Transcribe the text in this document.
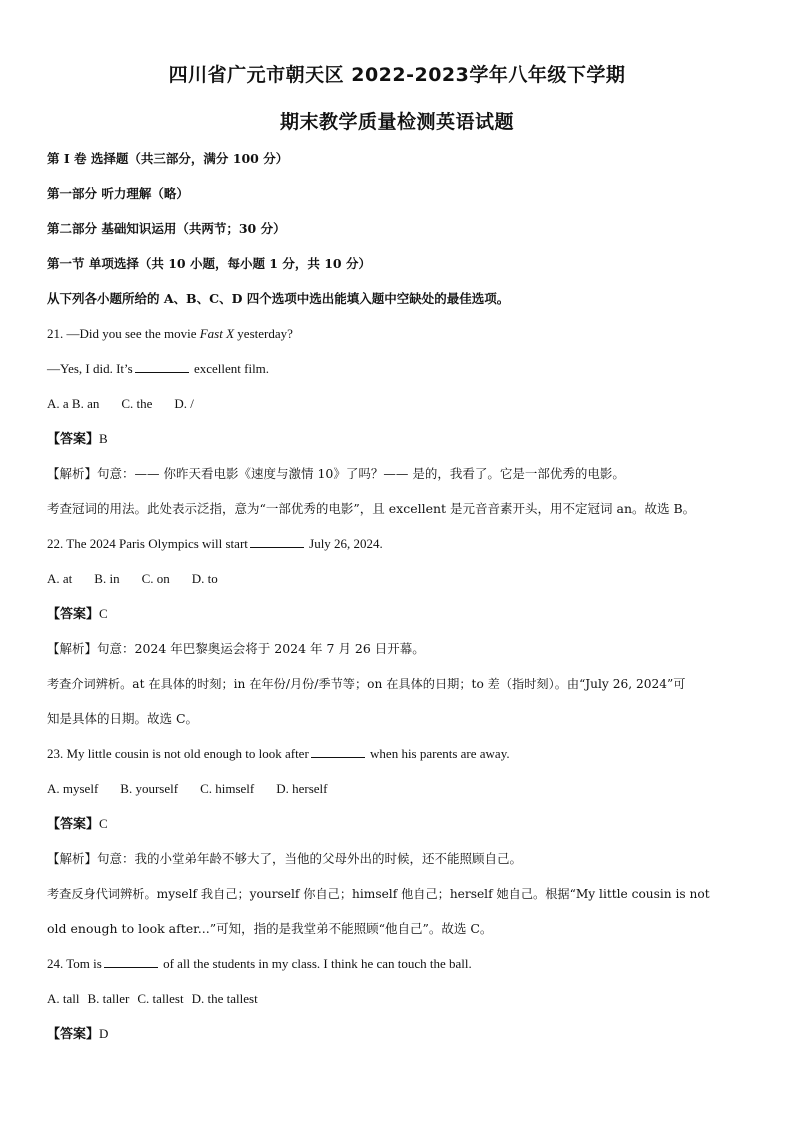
四川省广元市朝天区 2022-2023学年八年级下学期
期末教学质量检测英语试题
第 I 卷 选择题（共三部分，满分 100 分）
第一部分 听力理解（略）
第二部分 基础知识运用（共两节；30 分）
第一节 单项选择（共 10 小题，每小题 1 分，共 10 分）
从下列各小题所给的 A、B、C、D 四个选项中选出能填入题中空缺处的最佳选项。
21. —Did you see the movie Fast X yesterday?
—Yes, I did. It’s	excellent film.
A. a B. an C. the D. /
【答案】B
【解析】句意：—— 你昨天看电影《速度与激情 10》了吗？—— 是的，我看了。它是一部优秀的电影。
考查冠词的用法。此处表示泛指，意为“一部优秀的电影”，且 excellent 是元音音素开头，用不定冠词 an。故选 B。
22. The 2024 Paris Olympics will start	July 26, 2024.
A. at B. in C. on D. to
【答案】C
【解析】句意：2024 年巴黎奥运会将于 2024 年 7 月 26 日开幕。
考查介词辨析。at 在具体的时刻；in 在年份/月份/季节等；on 在具体的日期；to 差（指时刻）。由“July 26, 2024”可
知是具体的日期。故选 C。
23. My little cousin is not old enough to look after	when his parents are away.
A. myself B. yourself C. himself D. herself
【答案】C
【解析】句意：我的小堂弟年龄不够大了，当他的父母外出的时候，还不能照顾自己。
考查反身代词辨析。myself 我自己；yourself 你自己；himself 他自己；herself 她自己。根据“My little cousin is not
old enough to look after...”可知，指的是我堂弟不能照顾“他自己”。故选 C。
24. Tom is	of all the students in my class. I think he can touch the ball.
A. tall B. taller C. tallest D. the tallest
【答案】D
